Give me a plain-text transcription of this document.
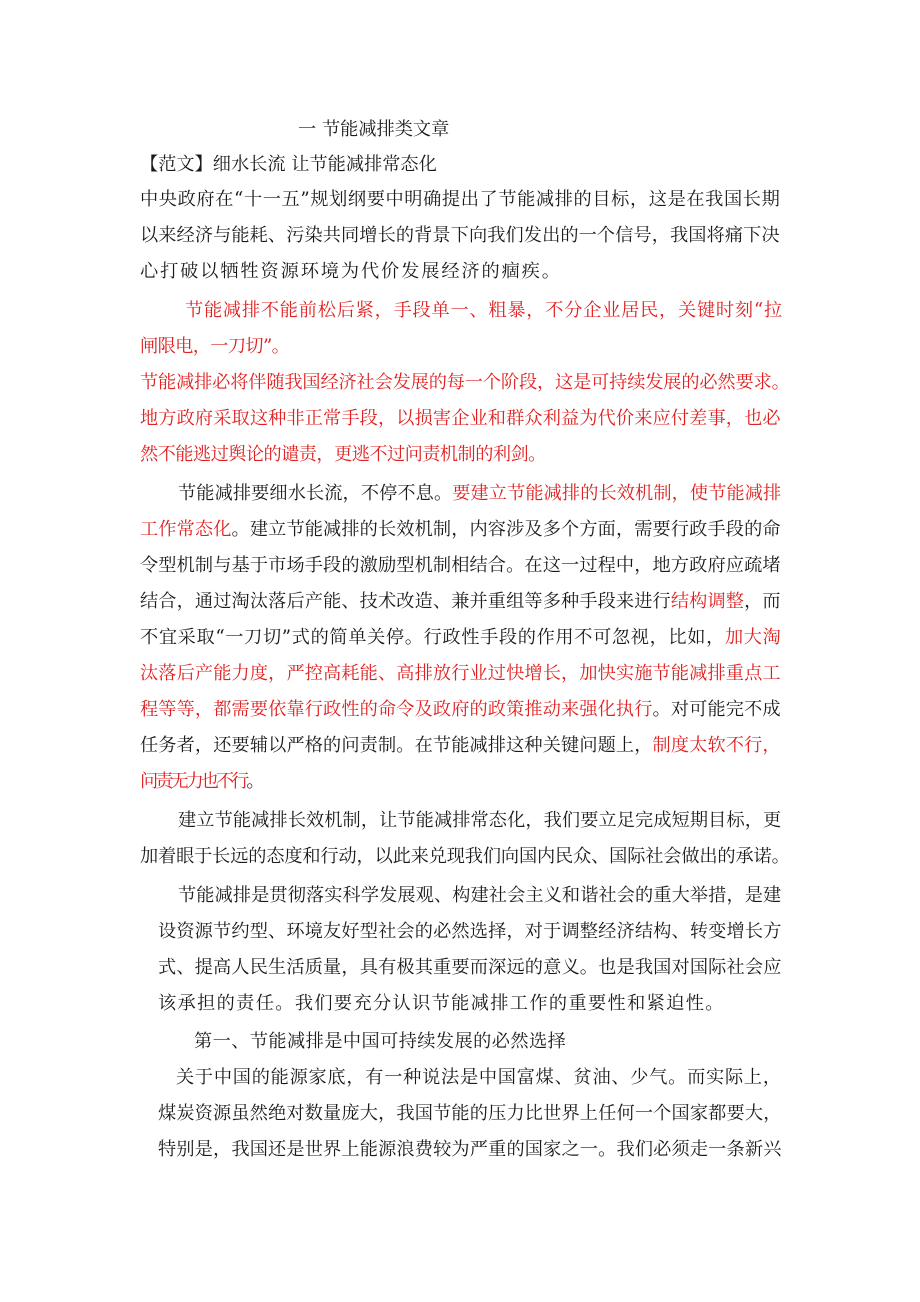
一 节能减排类文章
【范文】细水长流 让节能减排常态化
中央政府在“十一五”规划纲要中明确提出了节能减排的目标，这是在我国长期
以来经济与能耗、污染共同增长的背景下向我们发出的一个信号，我国将痛下决
心打破以牺牲资源环境为代价发展经济的痼疾。
节能减排不能前松后紧，手段单一、粗暴，不分企业居民，关键时刻“拉
闸限电，一刀切”。
节能减排必将伴随我国经济社会发展的每一个阶段，这是可持续发展的必然要求。
地方政府采取这种非正常手段，以损害企业和群众利益为代价来应付差事，也必
然不能逃过舆论的谴责，更逃不过问责机制的利剑。
节能减排要细水长流，不停不息。要建立节能减排的长效机制，使节能减排
工作常态化。建立节能减排的长效机制，内容涉及多个方面，需要行政手段的命
令型机制与基于市场手段的激励型机制相结合。在这一过程中，地方政府应疏堵
结合，通过淘汰落后产能、技术改造、兼并重组等多种手段来进行结构调整，而
不宜采取“一刀切”式的简单关停。行政性手段的作用不可忽视，比如，加大淘
汰落后产能力度，严控高耗能、高排放行业过快增长，加快实施节能减排重点工
程等等，都需要依靠行政性的命令及政府的政策推动来强化执行。对可能完不成
任务者，还要辅以严格的问责制。在节能减排这种关键问题上，制度太软不行，
问责无力也不行。
建立节能减排长效机制，让节能减排常态化，我们要立足完成短期目标，更
加着眼于长远的态度和行动，以此来兑现我们向国内民众、国际社会做出的承诺。
节能减排是贯彻落实科学发展观、构建社会主义和谐社会的重大举措，是建
设资源节约型、环境友好型社会的必然选择，对于调整经济结构、转变增长方
式、提高人民生活质量，具有极其重要而深远的意义。也是我国对国际社会应
该承担的责任。我们要充分认识节能减排工作的重要性和紧迫性。
第一、节能减排是中国可持续发展的必然选择
关于中国的能源家底，有一种说法是中国富煤、贫油、少气。而实际上，
煤炭资源虽然绝对数量庞大，我国节能的压力比世界上任何一个国家都要大，
特别是，我国还是世界上能源浪费较为严重的国家之一。我们必须走一条新兴
